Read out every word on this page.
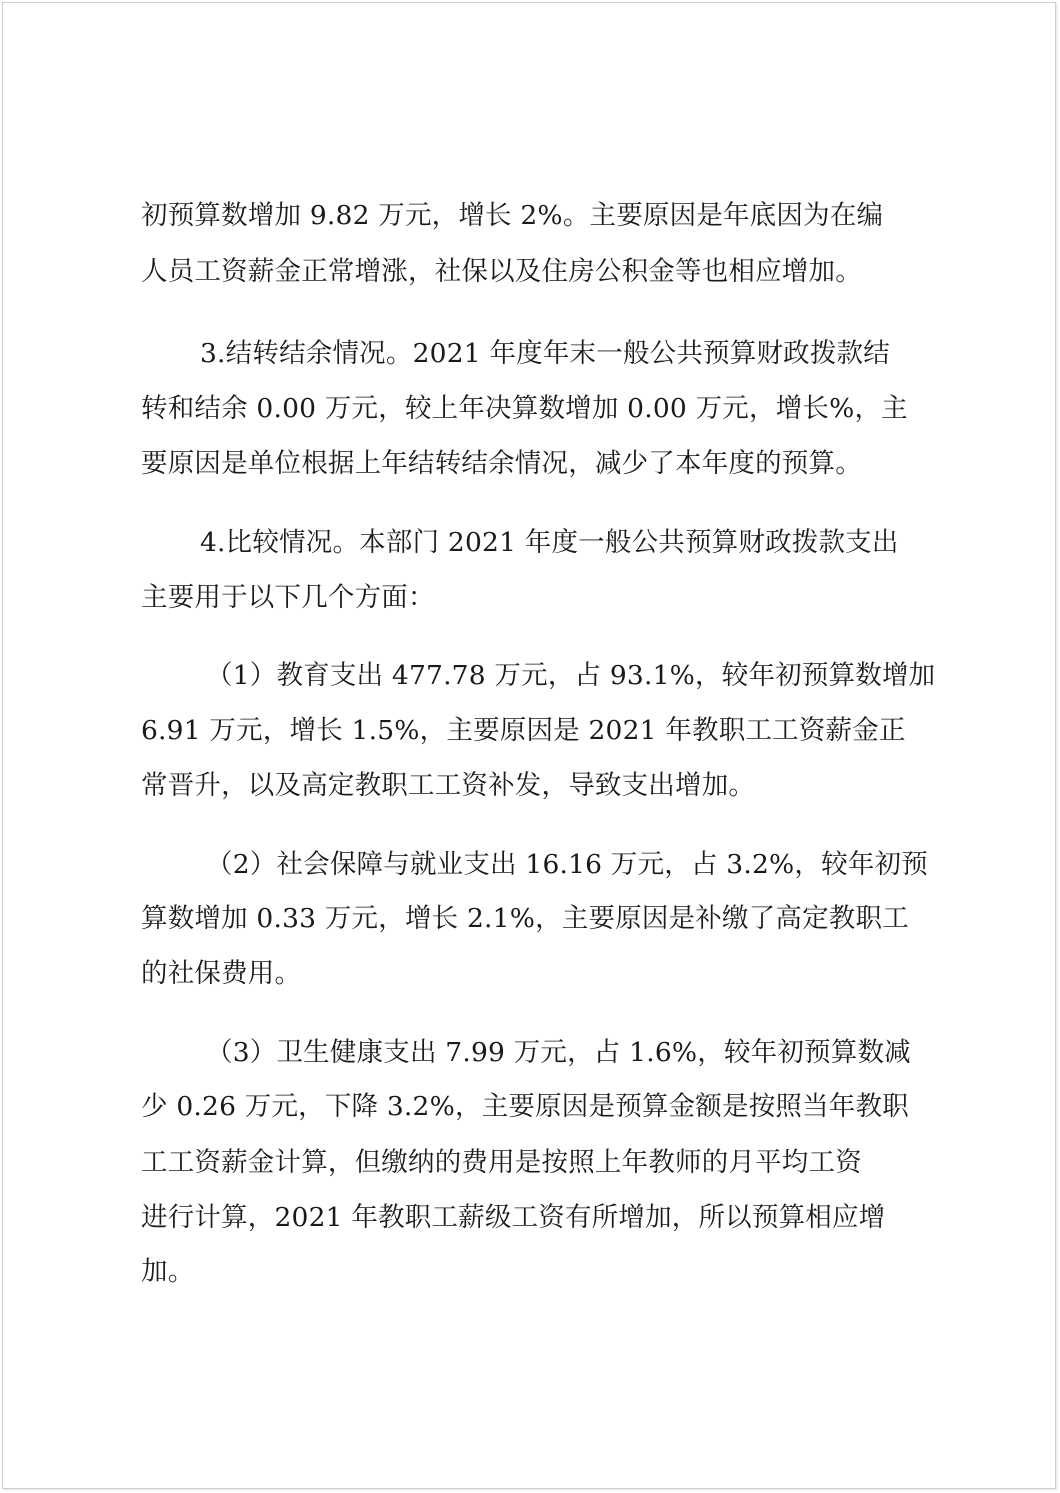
初预算数增加 9.82 万元，增长 2%。主要原因是年底因为在编
人员工资薪金正常增涨，社保以及住房公积金等也相应增加。
3.结转结余情况。2021 年度年末一般公共预算财政拨款结
转和结余 0.00 万元，较上年决算数增加 0.00 万元，增长%，主
要原因是单位根据上年结转结余情况，减少了本年度的预算。
4.比较情况。本部门 2021 年度一般公共预算财政拨款支出
主要用于以下几个方面：
（1）教育支出 477.78 万元，占 93.1%，较年初预算数增加
6.91 万元，增长 1.5%，主要原因是 2021 年教职工工资薪金正
常晋升，以及高定教职工工资补发，导致支出增加。
（2）社会保障与就业支出 16.16 万元，占 3.2%，较年初预
算数增加 0.33 万元，增长 2.1%，主要原因是补缴了高定教职工
的社保费用。
（3）卫生健康支出 7.99 万元，占 1.6%，较年初预算数减
少 0.26 万元，下降 3.2%，主要原因是预算金额是按照当年教职
工工资薪金计算，但缴纳的费用是按照上年教师的月平均工资
进行计算，2021 年教职工薪级工资有所增加，所以预算相应增
加。
